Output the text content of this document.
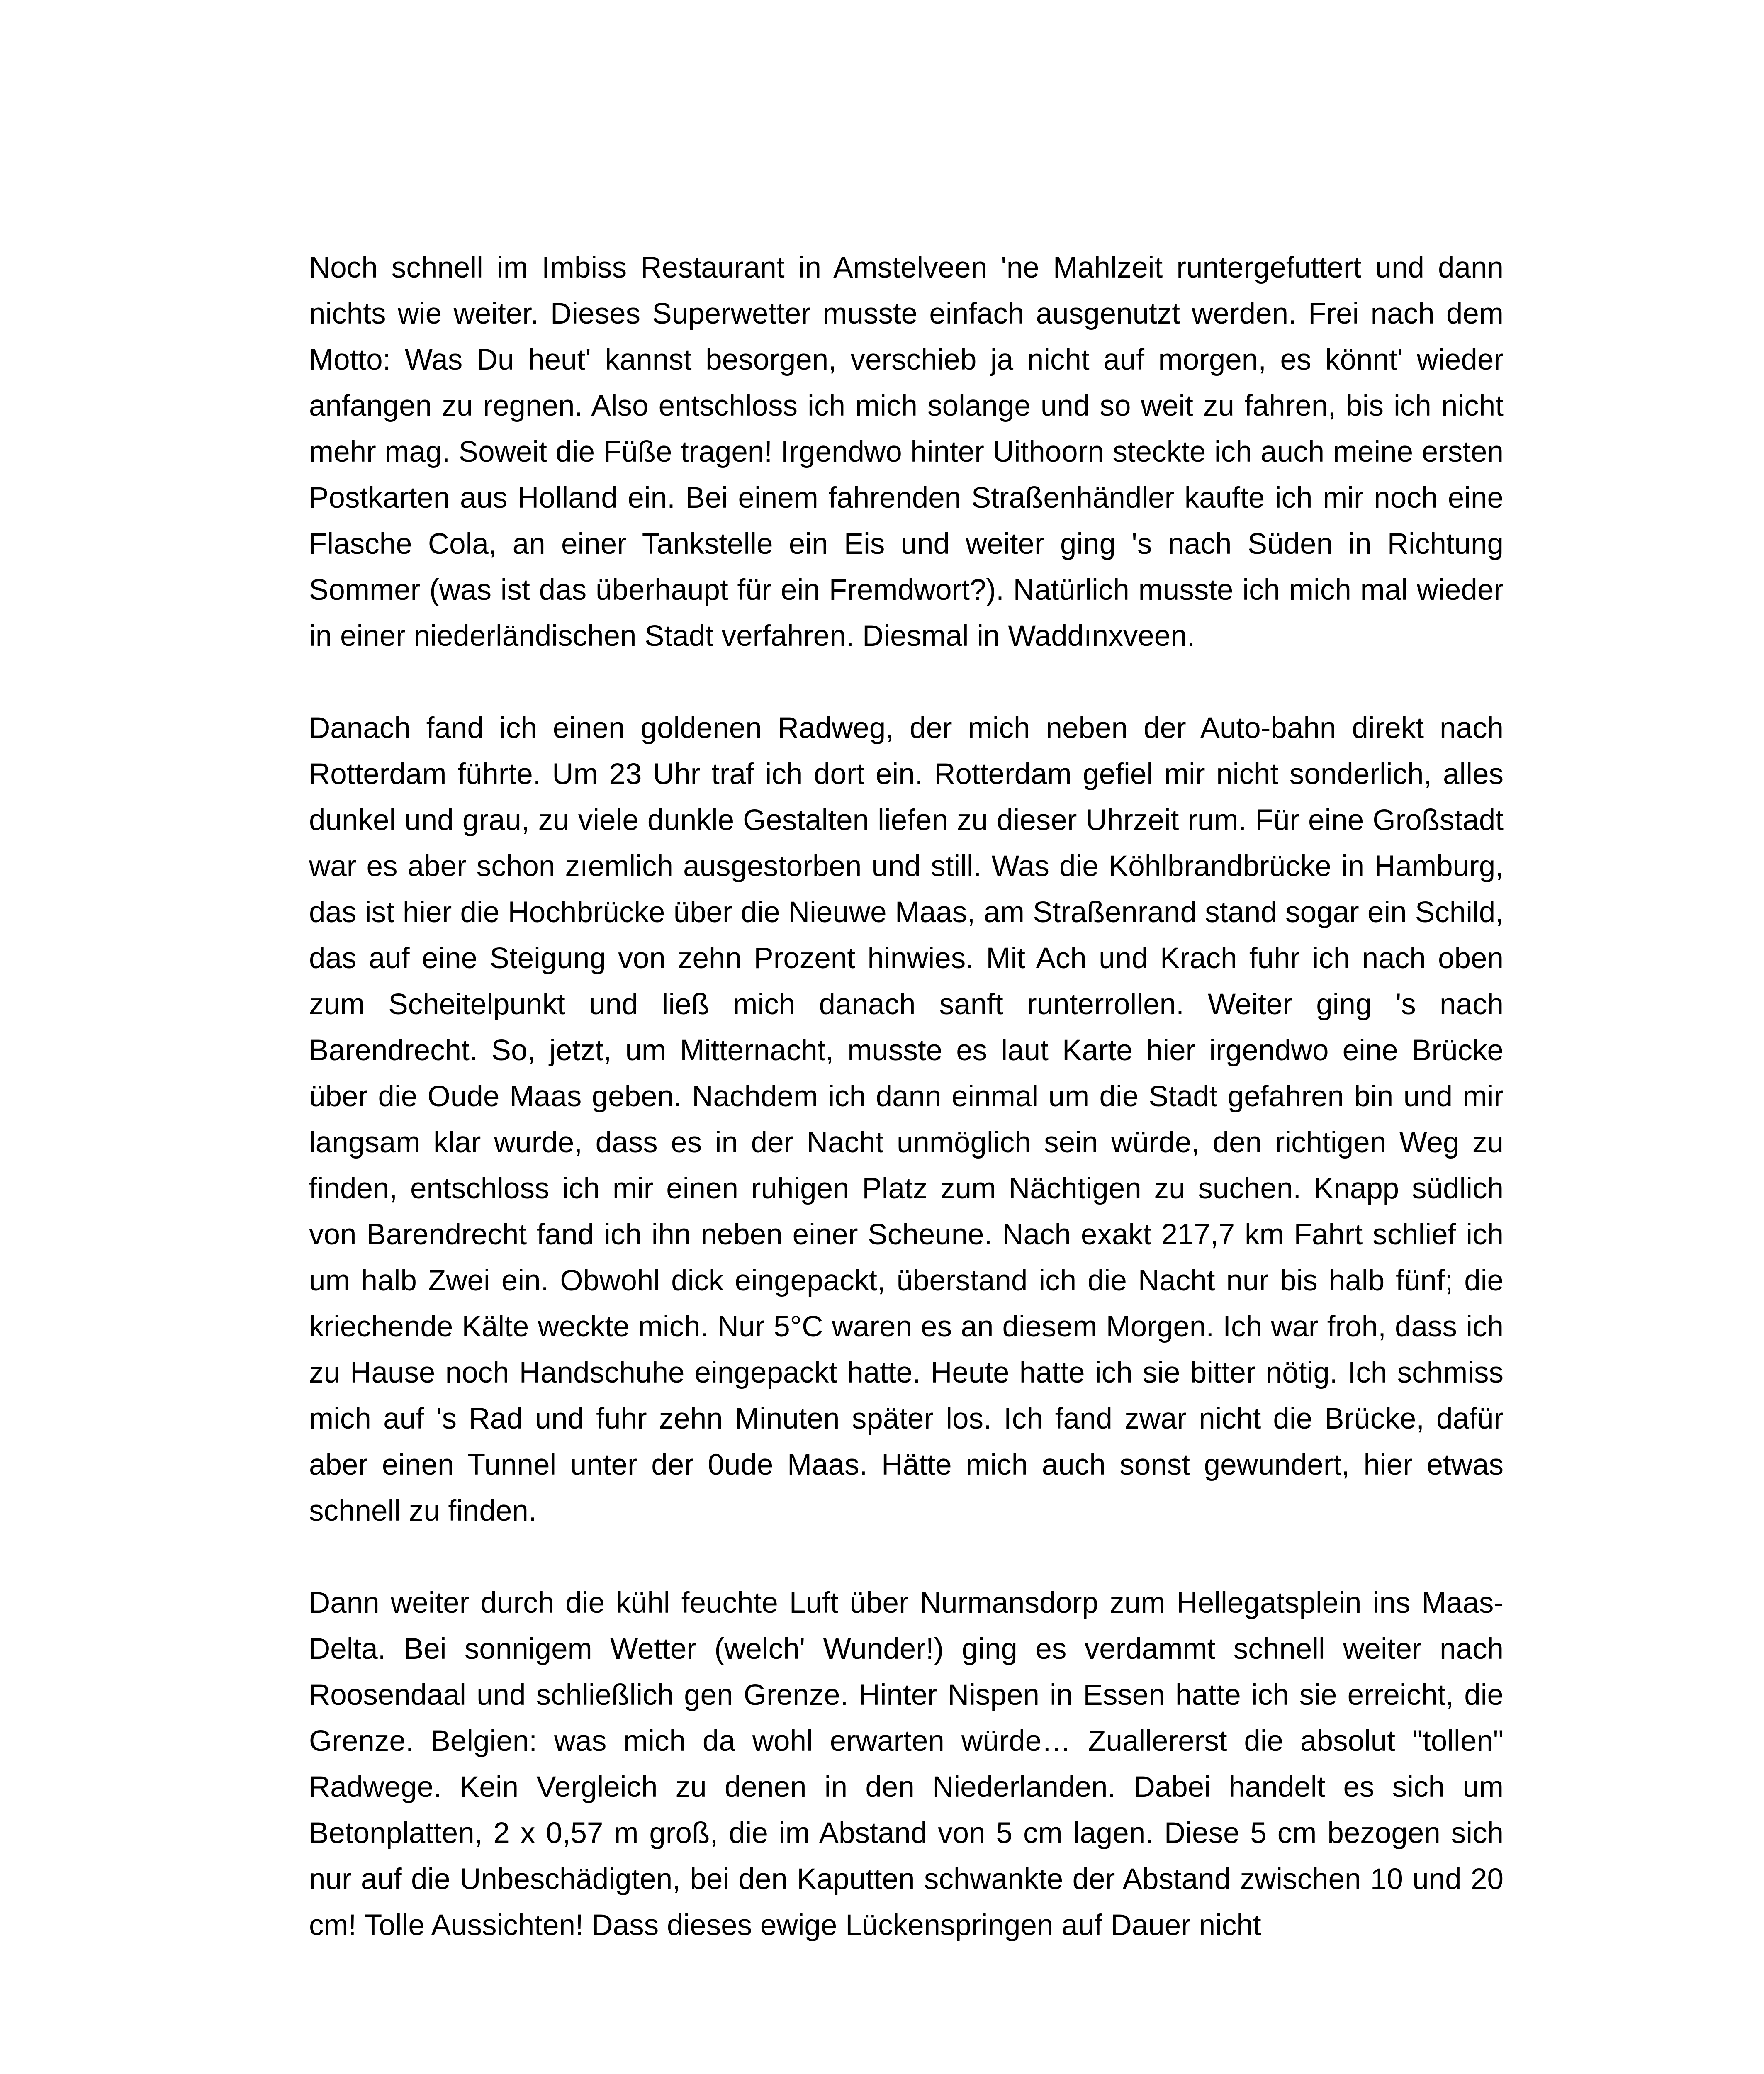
Noch schnell im Imbiss Restaurant in Amstelveen 'ne Mahlzeit runtergefuttert und dann nichts wie weiter. Dieses Superwetter musste einfach ausgenutzt werden. Frei nach dem Motto: Was Du heut' kannst besorgen, verschieb ja nicht auf morgen, es könnt' wieder anfangen zu regnen. Also entschloss ich mich solange und so weit zu fahren, bis ich nicht mehr mag. Soweit die Füße tragen! Irgendwo hinter Uithoorn steckte ich auch meine ersten Postkarten aus Holland ein. Bei einem fahrenden Straßenhändler kaufte ich mir noch eine Flasche Cola, an einer Tankstelle ein Eis und weiter ging 's nach Süden in Richtung Sommer (was ist das überhaupt für ein Fremdwort?). Natürlich musste ich mich mal wieder in einer niederländischen Stadt verfahren. Diesmal in Waddınxveen.

Danach fand ich einen goldenen Radweg, der mich neben der Auto-bahn direkt nach Rotterdam führte. Um 23 Uhr traf ich dort ein. Rotterdam gefiel mir nicht sonderlich, alles dunkel und grau, zu viele dunkle Gestalten liefen zu dieser Uhrzeit rum. Für eine Großstadt war es aber schon zıemlich ausgestorben und still. Was die Köhlbrandbrücke in Hamburg, das ist hier die Hochbrücke über die Nieuwe Maas, am Straßenrand stand sogar ein Schild, das auf eine Steigung von zehn Prozent hinwies. Mit Ach und Krach fuhr ich nach oben zum Scheitelpunkt und ließ mich danach sanft runterrollen. Weiter ging 's nach Barendrecht. So, jetzt, um Mitternacht, musste es laut Karte hier irgendwo eine Brücke über die Oude Maas geben. Nachdem ich dann einmal um die Stadt gefahren bin und mir langsam klar wurde, dass es in der Nacht unmöglich sein würde, den richtigen Weg zu finden, entschloss ich mir einen ruhigen Platz zum Nächtigen zu suchen. Knapp südlich von Barendrecht fand ich ihn neben einer Scheune. Nach exakt 217,7 km Fahrt schlief ich um halb Zwei ein. Obwohl dick eingepackt, überstand ich die Nacht nur bis halb fünf; die kriechende Kälte weckte mich. Nur 5°C waren es an diesem Morgen. Ich war froh, dass ich zu Hause noch Handschuhe eingepackt hatte. Heute hatte ich sie bitter nötig. Ich schmiss mich auf 's Rad und fuhr zehn Minuten später los. Ich fand zwar nicht die Brücke, dafür aber einen Tunnel unter der 0ude Maas. Hätte mich auch sonst gewundert, hier etwas schnell zu finden.

Dann weiter durch die kühl feuchte Luft über Nurmansdorp zum Hellegatsplein ins Maas-Delta. Bei sonnigem Wetter (welch' Wunder!) ging es verdammt schnell weiter nach Roosendaal und schließlich gen Grenze. Hinter Nispen in Essen hatte ich sie erreicht, die Grenze. Belgien: was mich da wohl erwarten würde… Zuallererst die absolut "tollen" Radwege. Kein Vergleich zu denen in den Niederlanden. Dabei handelt es sich um Betonplatten, 2 x 0,57 m groß, die im Abstand von 5 cm lagen. Diese 5 cm bezogen sich nur auf die Unbeschädigten, bei den Kaputten schwankte der Abstand zwischen 10 und 20 cm! Tolle Aussichten! Dass dieses ewige Lückenspringen auf Dauer nicht
